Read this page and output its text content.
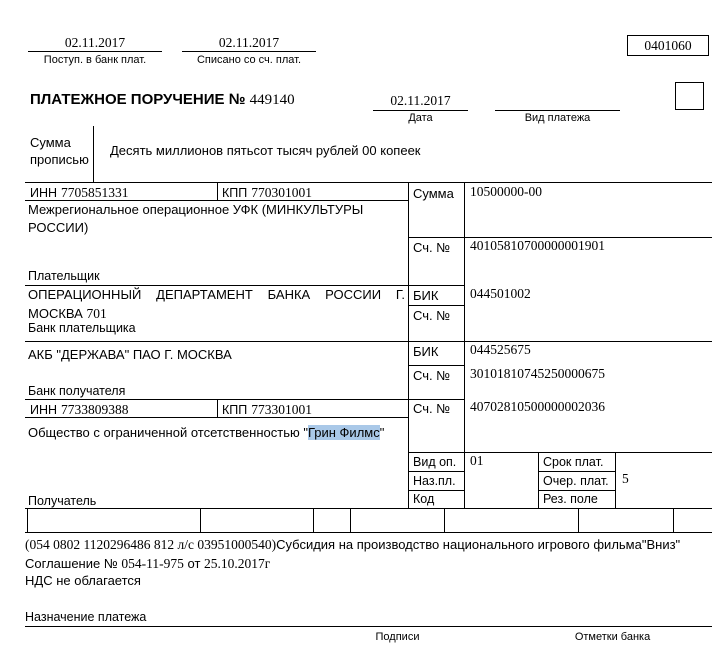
02.11.2017
Поступ. в банк плат.
02.11.2017
Списано со сч. плат.
0401060
ПЛАТЕЖНОЕ ПОРУЧЕНИЕ № 449140	02.11.2017
Дата	Вид платежа
Сумма
прописью
Десять миллионов пятьсот тысяч рублей 00 копеек
ИНН 7705851331	КПП 770301001
Межрегиональное операционное УФК (МИНКУЛЬТУРЫ
РОССИИ)
Плательщик
Сумма 10500000-00
Сч. № 40105810700000001901
ОПЕРАЦИОННЫЙ ДЕПАРТАМЕНТ БАНКА РОССИИ Г.
МОСКВА 701
Банк плательщика
БИК 044501002
Сч. №
АКБ "ДЕРЖАВА" ПАО Г. МОСКВА
Банк получателя
БИК 044525675
Сч. № 30101810745250000675
ИНН 7733809388	КПП 773301001
Общество с ограниченной отсетственностью "Грин Филмс"
Получатель
Сч. № 40702810500000002036
Вид оп. 01
Наз.пл.
Код
Срок плат.
Очер. плат. 5
Рез. поле
(054 0802 1120296486 812 л/с 03951000540)Субсидия на производство национального игрового фильма"Вниз"
Соглашение № 054-11-975 от 25.10.2017г
НДС не облагается
Назначение платежа
Подписи	Отметки банка
